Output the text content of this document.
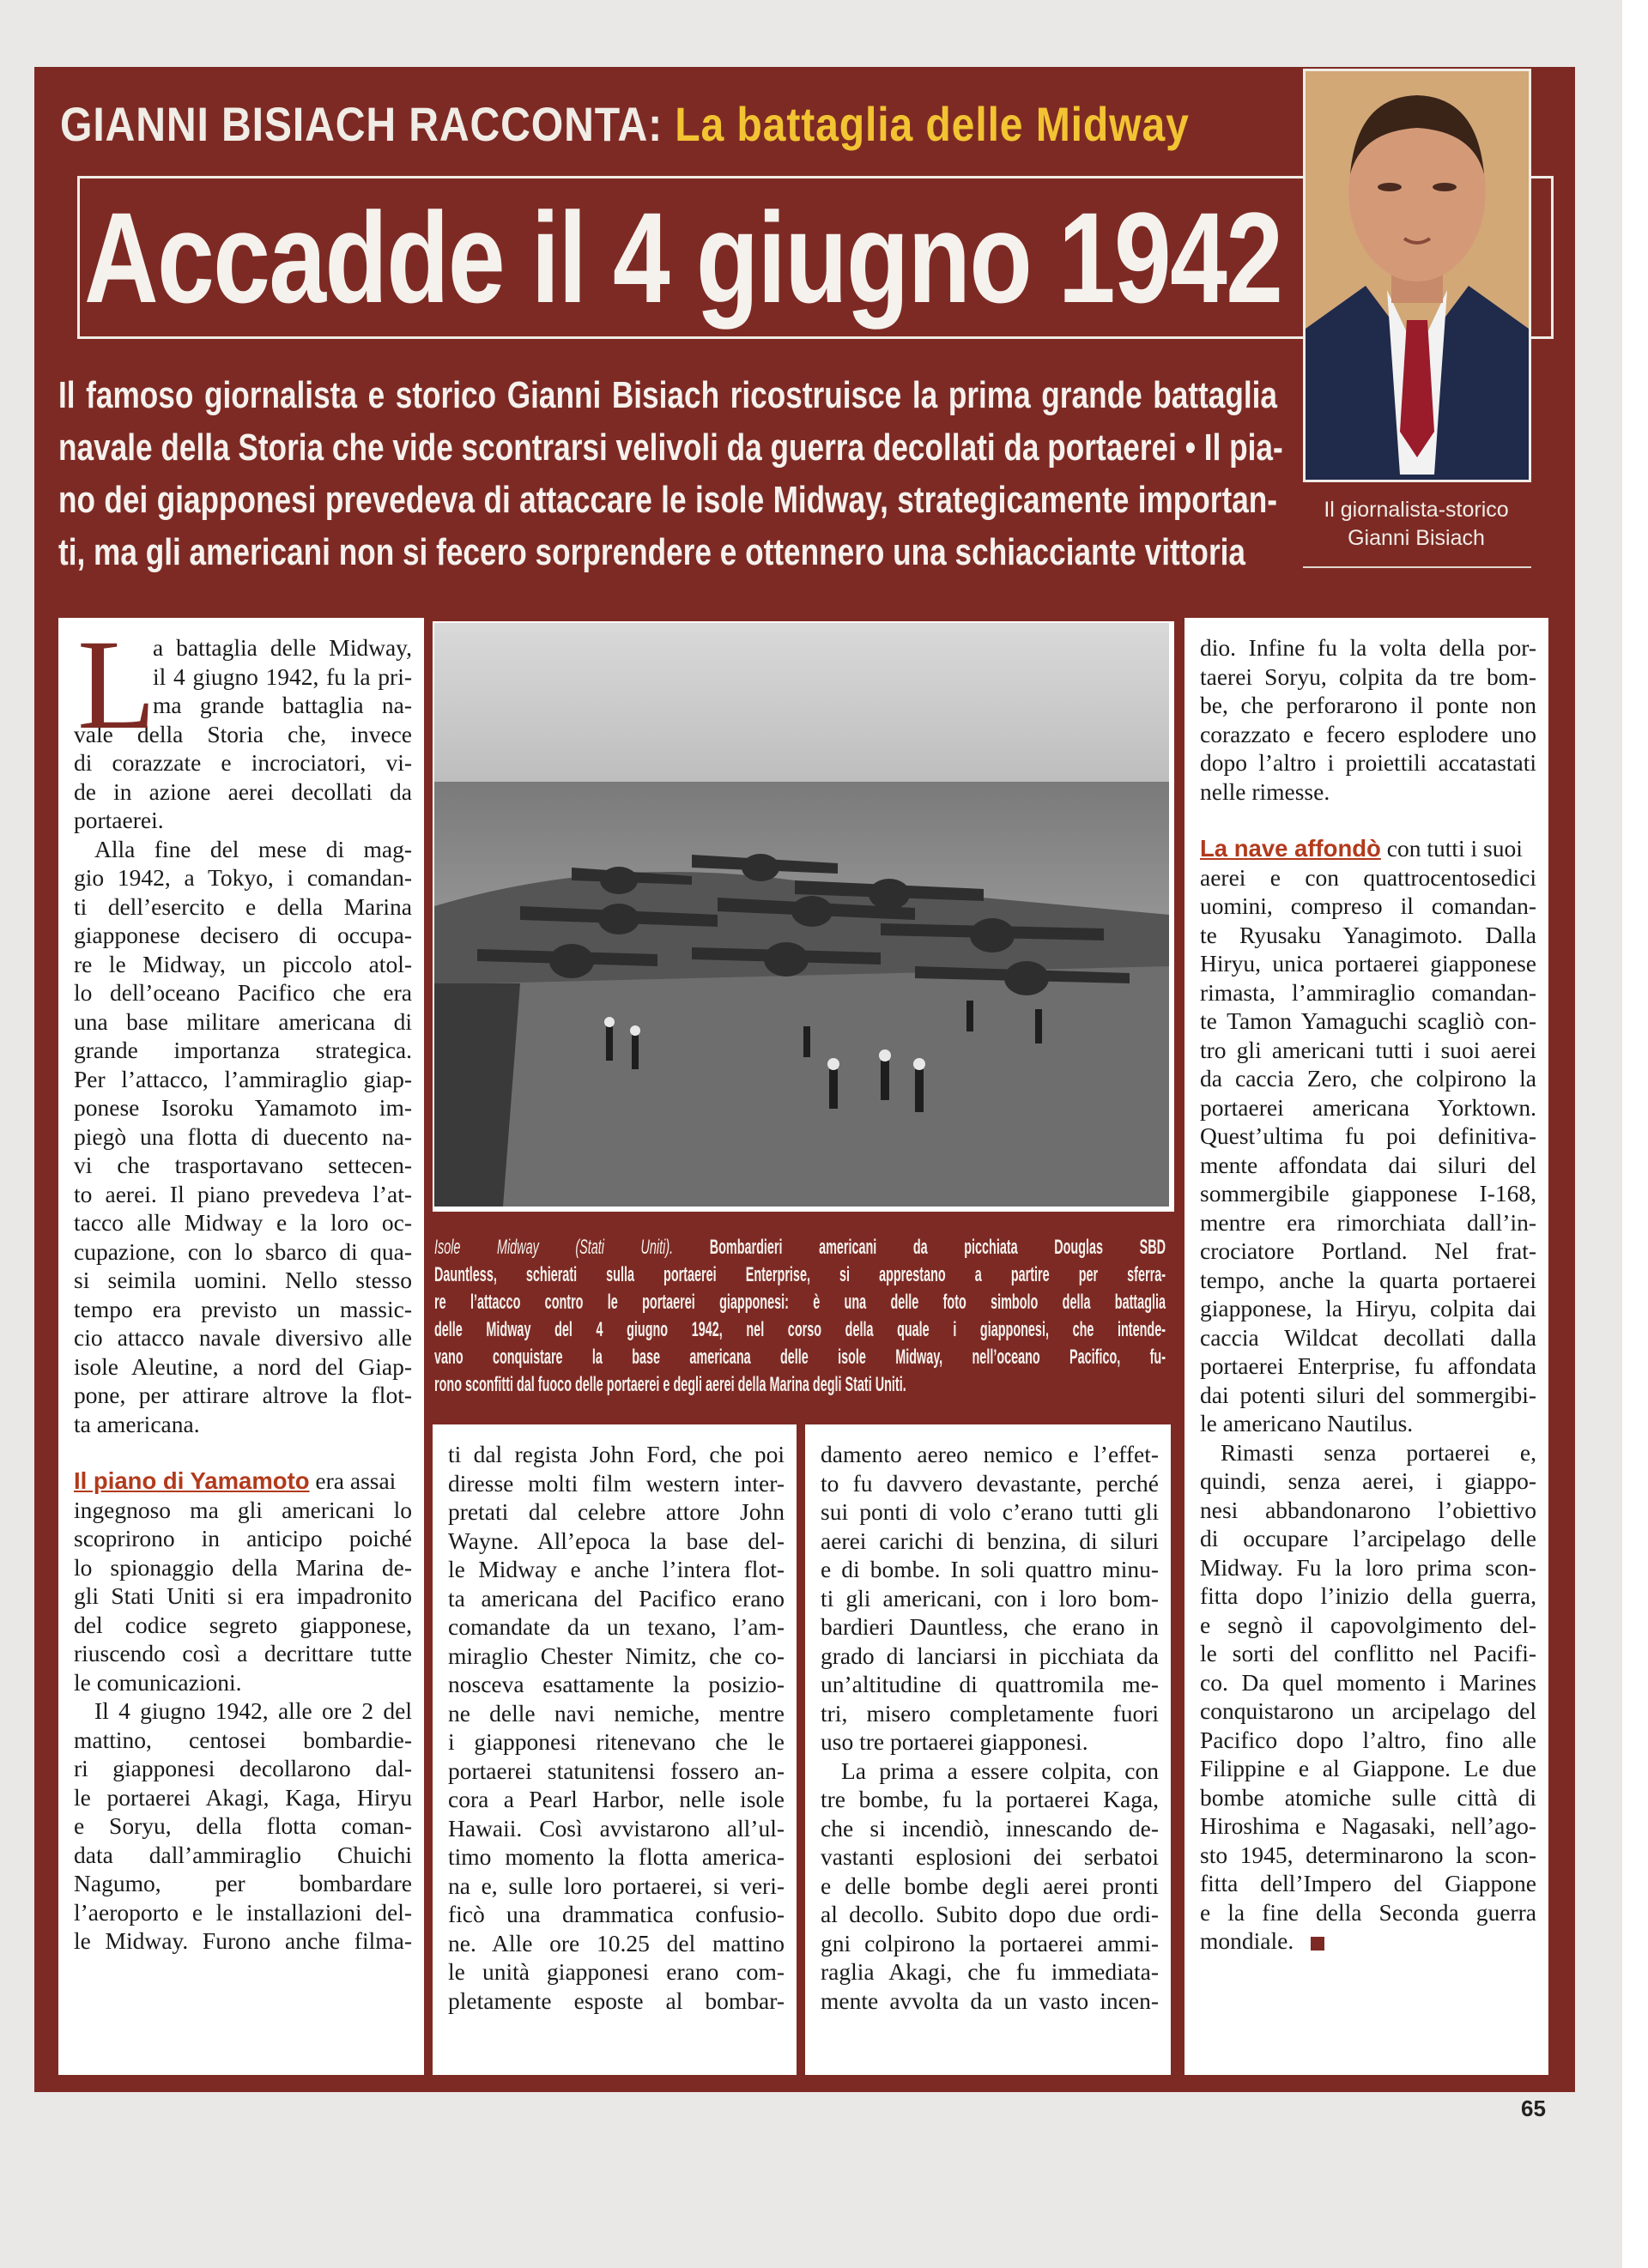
GIANNI BISIACH RACCONTA: La battaglia delle Midway
Accadde il 4 giugno 1942
Il giornalista-storico
Gianni Bisiach
Il famoso giornalista e storico Gianni Bisiach ricostruisce la prima grande battaglia
navale della Storia che vide scontrarsi velivoli da guerra decollati da portaerei • Il pia-
no dei giapponesi prevedeva di attaccare le isole Midway, strategicamente importan-
ti, ma gli americani non si fecero sorprendere e ottennero una schiacciante vittoria
L
a battaglia delle Midway,
il 4 giugno 1942, fu la pri-
ma grande battaglia na-
vale della Storia che, invece
di corazzate e incrociatori, vi-
de in azione aerei decollati da
portaerei.
Alla fine del mese di mag-
gio 1942, a Tokyo, i comandan-
ti dell’esercito e della Marina
giapponese decisero di occupa-
re le Midway, un piccolo atol-
lo dell’oceano Pacifico che era
una base militare americana di
grande importanza strategica.
Per l’attacco, l’ammiraglio giap-
ponese Isoroku Yamamoto im-
piegò una flotta di duecento na-
vi che trasportavano settecen-
to aerei. Il piano prevedeva l’at-
tacco alle Midway e la loro oc-
cupazione, con lo sbarco di qua-
si seimila uomini. Nello stesso
tempo era previsto un massic-
cio attacco navale diversivo alle
isole Aleutine, a nord del Giap-
pone, per attirare altrove la flot-
ta americana.
Il piano di Yamamoto era assai
ingegnoso ma gli americani lo
scoprirono in anticipo poiché
lo spionaggio della Marina de-
gli Stati Uniti si era impadronito
del codice segreto giapponese,
riuscendo così a decrittare tutte
le comunicazioni.
Il 4 giugno 1942, alle ore 2 del
mattino, centosei bombardie-
ri giapponesi decollarono dal-
le portaerei Akagi, Kaga, Hiryu
e Soryu, della flotta coman-
data dall’ammiraglio Chuichi
Nagumo, per bombardare
l’aeroporto e le installazioni del-
le Midway. Furono anche filma-
Isole Midway (Stati Uniti). Bombardieri americani da picchiata Douglas SBD
Dauntless, schierati sulla portaerei Enterprise, si apprestano a partire per sferra-
re l’attacco contro le portaerei giapponesi: è una delle foto simbolo della battaglia
delle Midway del 4 giugno 1942, nel corso della quale i giapponesi, che intende-
vano conquistare la base americana delle isole Midway, nell’oceano Pacifico, fu-
rono sconfitti dal fuoco delle portaerei e degli aerei della Marina degli Stati Uniti.
ti dal regista John Ford, che poi
diresse molti film western inter-
pretati dal celebre attore John
Wayne. All’epoca la base del-
le Midway e anche l’intera flot-
ta americana del Pacifico erano
comandate da un texano, l’am-
miraglio Chester Nimitz, che co-
nosceva esattamente la posizio-
ne delle navi nemiche, mentre
i giapponesi ritenevano che le
portaerei statunitensi fossero an-
cora a Pearl Harbor, nelle isole
Hawaii. Così avvistarono all’ul-
timo momento la flotta america-
na e, sulle loro portaerei, si veri-
ficò una drammatica confusio-
ne. Alle ore 10.25 del mattino
le unità giapponesi erano com-
pletamente esposte al bombar-
damento aereo nemico e l’effet-
to fu davvero devastante, perché
sui ponti di volo c’erano tutti gli
aerei carichi di benzina, di siluri
e di bombe. In soli quattro minu-
ti gli americani, con i loro bom-
bardieri Dauntless, che erano in
grado di lanciarsi in picchiata da
un’altitudine di quattromila me-
tri, misero completamente fuori
uso tre portaerei giapponesi.
La prima a essere colpita, con
tre bombe, fu la portaerei Kaga,
che si incendiò, innescando de-
vastanti esplosioni dei serbatoi
e delle bombe degli aerei pronti
al decollo. Subito dopo due ordi-
gni colpirono la portaerei ammi-
raglia Akagi, che fu immediata-
mente avvolta da un vasto incen-
dio. Infine fu la volta della por-
taerei Soryu, colpita da tre bom-
be, che perforarono il ponte non
corazzato e fecero esplodere uno
dopo l’altro i proiettili accatastati
nelle rimesse.
La nave affondò con tutti i suoi
aerei e con quattrocentosedici
uomini, compreso il comandan-
te Ryusaku Yanagimoto. Dalla
Hiryu, unica portaerei giapponese
rimasta, l’ammiraglio comandan-
te Tamon Yamaguchi scagliò con-
tro gli americani tutti i suoi aerei
da caccia Zero, che colpirono la
portaerei americana Yorktown.
Quest’ultima fu poi definitiva-
mente affondata dai siluri del
sommergibile giapponese I-168,
mentre era rimorchiata dall’in-
crociatore Portland. Nel frat-
tempo, anche la quarta portaerei
giapponese, la Hiryu, colpita dai
caccia Wildcat decollati dalla
portaerei Enterprise, fu affondata
dai potenti siluri del sommergibi-
le americano Nautilus.
Rimasti senza portaerei e,
quindi, senza aerei, i giappo-
nesi abbandonarono l’obiettivo
di occupare l’arcipelago delle
Midway. Fu la loro prima scon-
fitta dopo l’inizio della guerra,
e segnò il capovolgimento del-
le sorti del conflitto nel Pacifi-
co. Da quel momento i Marines
conquistarono un arcipelago del
Pacifico dopo l’altro, fino alle
Filippine e al Giappone. Le due
bombe atomiche sulle città di
Hiroshima e Nagasaki, nell’ago-
sto 1945, determinarono la scon-
fitta dell’Impero del Giappone
e la fine della Seconda guerra
mondiale.
65
